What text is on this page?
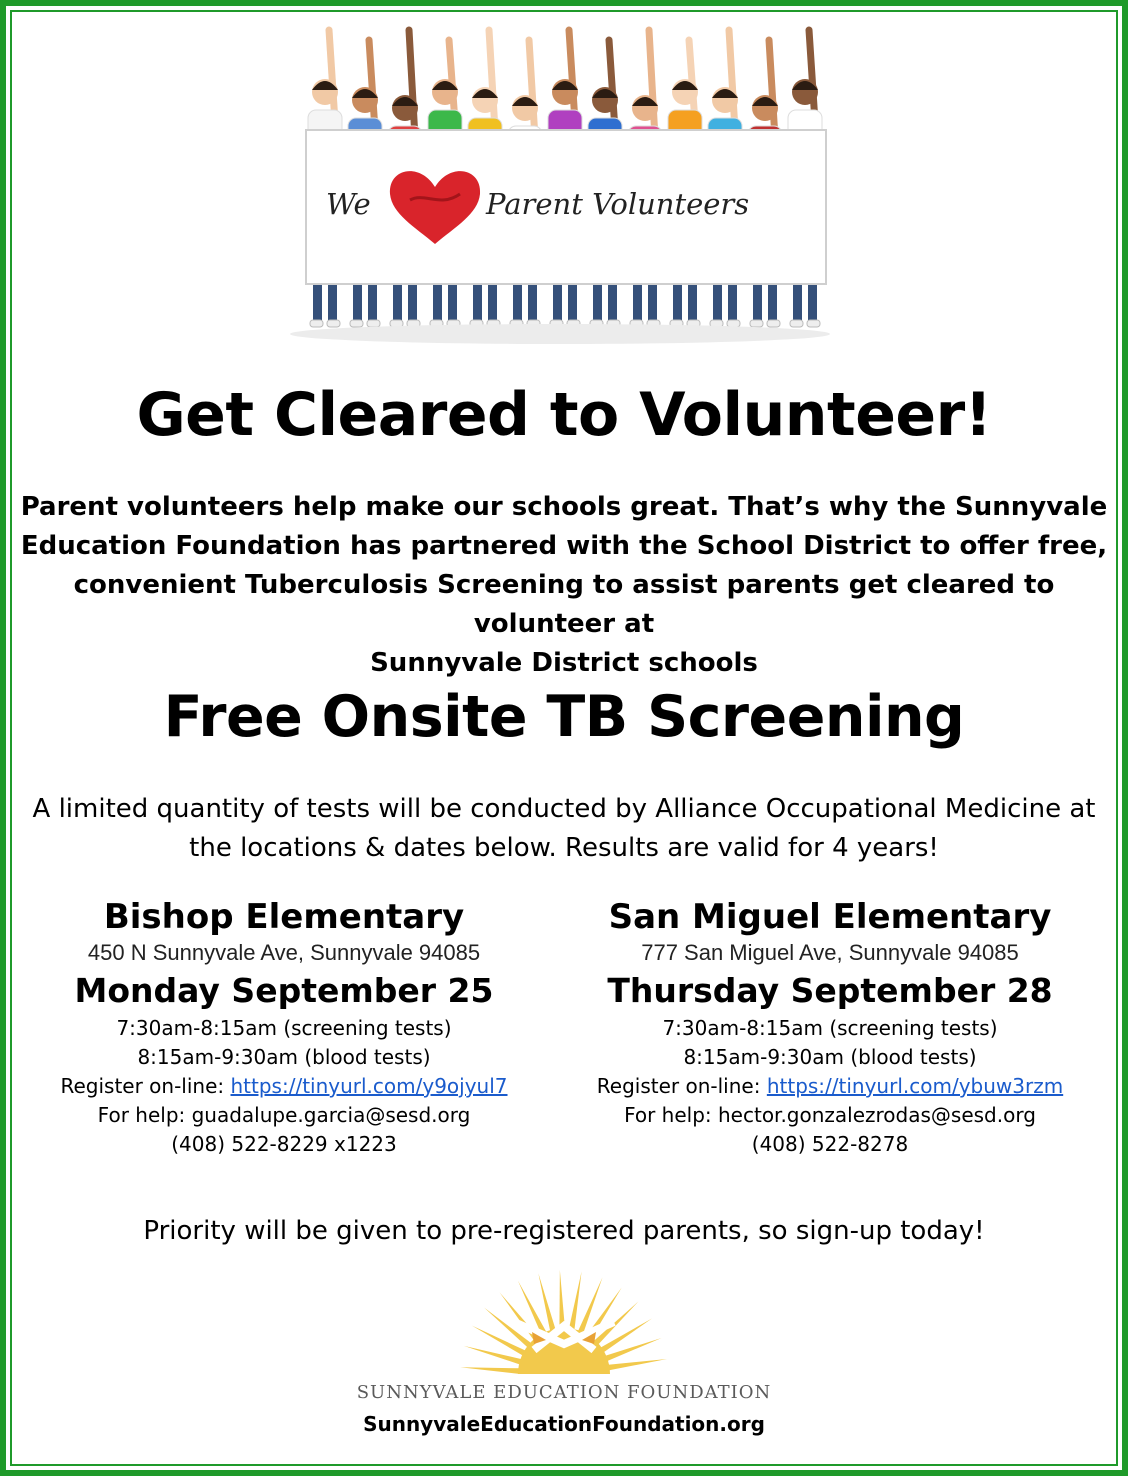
We	Parent Volunteers
Get Cleared to Volunteer!
Parent volunteers help make our schools great. That’s why the Sunnyvale
Education Foundation has partnered with the School District to offer free,
convenient Tuberculosis Screening to assist parents get cleared to volunteer at
Sunnyvale District schools
Free Onsite TB Screening
A limited quantity of tests will be conducted by Alliance Occupational Medicine at
the locations & dates below. Results are valid for 4 years!
Bishop Elementary
450 N Sunnyvale Ave, Sunnyvale 94085
Monday September 25
7:30am-8:15am (screening tests)
8:15am-9:30am (blood tests)
Register on-line: https://tinyurl.com/y9ojyul7
For help: guadalupe.garcia@sesd.org
(408) 522-8229 x1223
San Miguel Elementary
777 San Miguel Ave, Sunnyvale 94085
Thursday September 28
7:30am-8:15am (screening tests)
8:15am-9:30am (blood tests)
Register on-line: https://tinyurl.com/ybuw3rzm
For help: hector.gonzalezrodas@sesd.org
(408) 522-8278
Priority will be given to pre-registered parents, so sign-up today!
SUNNYVALE EDUCATION FOUNDATION
SunnyvaleEducationFoundation.org
